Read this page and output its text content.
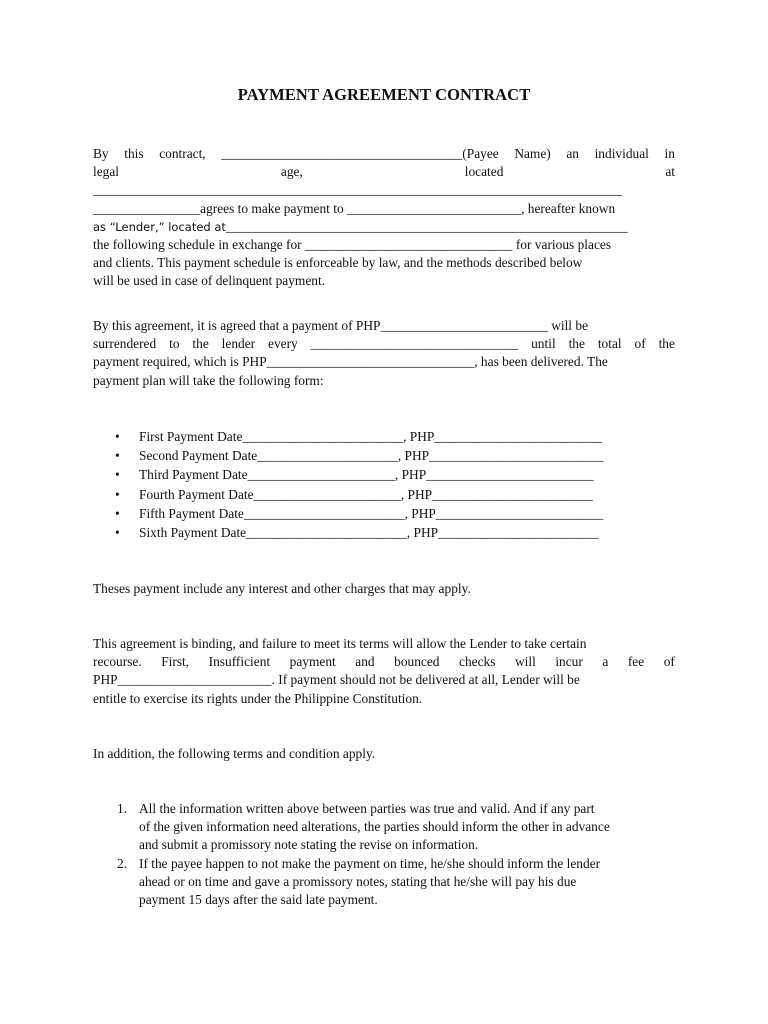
PAYMENT AGREEMENT CONTRACT
By this contract, ____________________________________(Payee Name) an individual in
legal	age,	located	at
_______________________________________________________________________________
________________agrees to make payment to __________________________, hereafter known
as “Lender,” located at____________________________________________________________
the following schedule in exchange for _______________________________ for various places
and clients. This payment schedule is enforceable by law, and the methods described below
will be used in case of delinquent payment.
By this agreement, it is agreed that a payment of PHP_________________________ will be
surrendered to the lender every _______________________________ until the total of the
payment required, which is PHP_______________________________, has been delivered. The
payment plan will take the following form:
• First Payment Date________________________, PHP_________________________
• Second Payment Date_____________________, PHP__________________________
• Third Payment Date______________________, PHP_________________________
• Fourth Payment Date______________________, PHP________________________
• Fifth Payment Date________________________, PHP_________________________
• Sixth Payment Date________________________, PHP________________________
Theses payment include any interest and other charges that may apply.
This agreement is binding, and failure to meet its terms will allow the Lender to take certain
recourse. First, Insufficient payment and bounced checks will incur a fee of
PHP_______________________. If payment should not be delivered at all, Lender will be
entitle to exercise its rights under the Philippine Constitution.
In addition, the following terms and condition apply.
1. All the information written above between parties was true and valid. And if any part
of the given information need alterations, the parties should inform the other in advance
and submit a promissory note stating the revise on information.
2. If the payee happen to not make the payment on time, he/she should inform the lender
ahead or on time and gave a promissory notes, stating that he/she will pay his due
payment 15 days after the said late payment.
